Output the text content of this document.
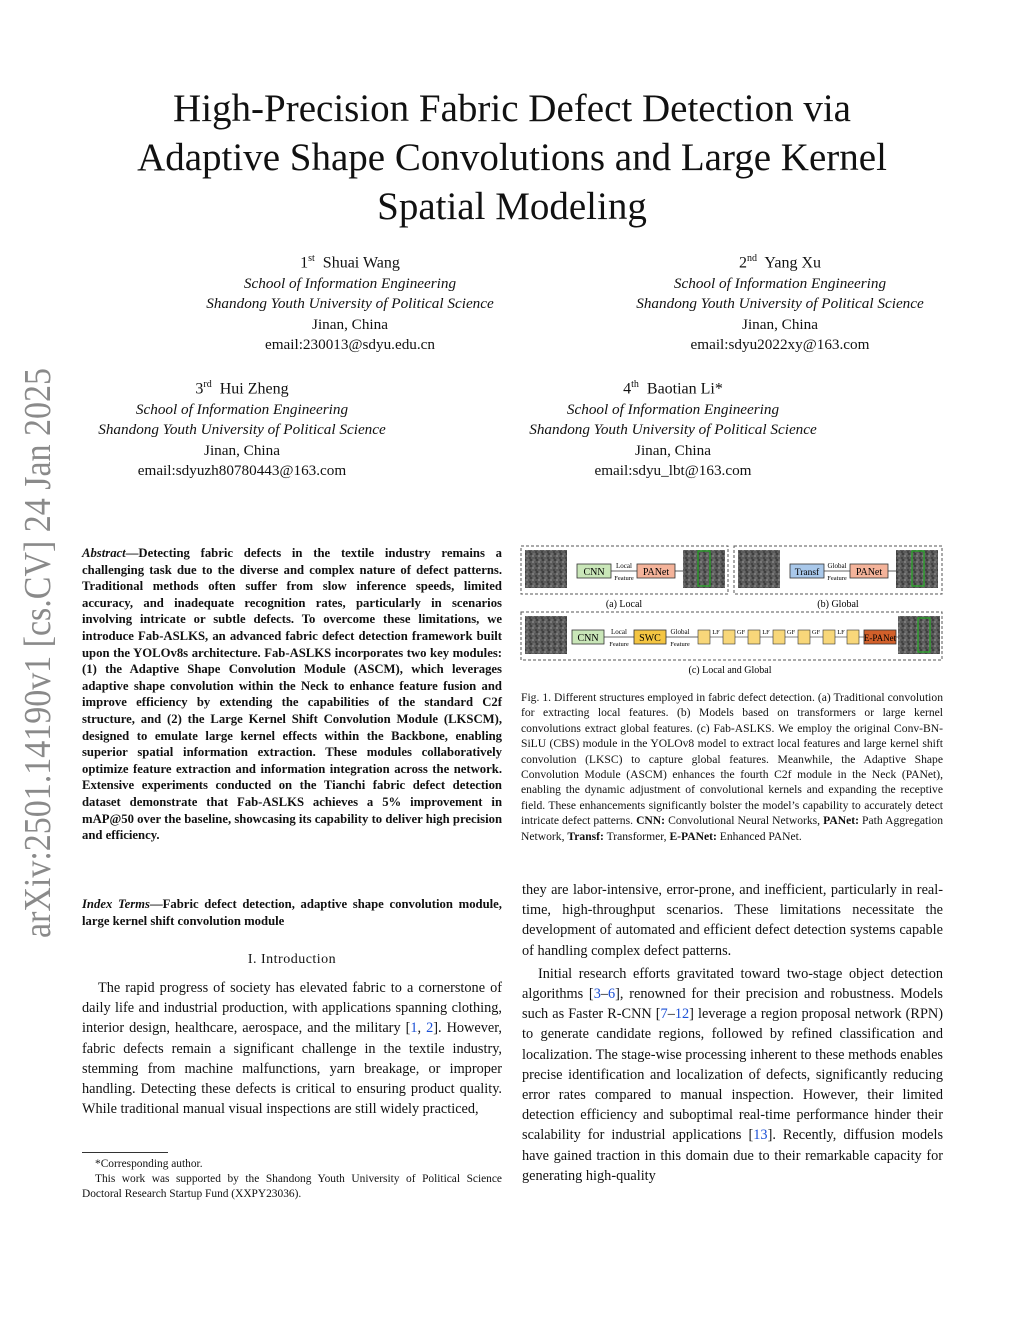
arXiv:2501.14190v1 [cs.CV] 24 Jan 2025
High-Precision Fabric Defect Detection via
Adaptive Shape Convolutions and Large Kernel
Spatial Modeling
1st Shuai Wang
School of Information Engineering
Shandong Youth University of Political Science
Jinan, China
email:230013@sdyu.edu.cn
2nd Yang Xu
School of Information Engineering
Shandong Youth University of Political Science
Jinan, China
email:sdyu2022xy@163.com
3rd Hui Zheng
School of Information Engineering
Shandong Youth University of Political Science
Jinan, China
email:sdyuzh80780443@163.com
4th Baotian Li*
School of Information Engineering
Shandong Youth University of Political Science
Jinan, China
email:sdyu_lbt@163.com
Abstract—Detecting fabric defects in the textile industry remains a challenging task due to the diverse and complex nature of defect patterns. Traditional methods often suffer from slow inference speeds, limited accuracy, and inadequate recognition rates, particularly in scenarios involving intricate or subtle defects. To overcome these limitations, we introduce Fab-ASLKS, an advanced fabric defect detection framework built upon the YOLOv8s architecture. Fab-ASLKS incorporates two key modules: (1) the Adaptive Shape Convolution Module (ASCM), which leverages adaptive shape convolution within the Neck to enhance feature fusion and improve efficiency by extending the capabilities of the standard C2f structure, and (2) the Large Kernel Shift Convolution Module (LKSCM), designed to emulate large kernel effects within the Backbone, enabling superior spatial information extraction. These modules collaboratively optimize feature extraction and information integration across the network. Extensive experiments conducted on the Tianchi fabric defect detection dataset demonstrate that Fab-ASLKS achieves a 5% improvement in mAP@50 over the baseline, showcasing its capability to deliver high precision and efficiency.
Index Terms—Fabric defect detection, adaptive shape convolution module, large kernel shift convolution module
I. Introduction

The rapid progress of society has elevated fabric to a cornerstone of daily life and industrial production, with applications spanning clothing, interior design, healthcare, aerospace, and the military [1, 2]. However, fabric defects remain a significant challenge in the textile industry, stemming from machine malfunctions, yarn breakage, or improper handling. Detecting these defects is critical to ensuring product quality. While traditional manual visual inspections are still widely practiced,

*Corresponding author.
This work was supported by the Shandong Youth University of Political Science Doctoral Research Startup Fund (XXPY23036).
CNN
Local
Feature
PANet
(a) Local
Transf
Global
Feature
PANet
(b) Global
CNN
Local
Feature
SWC
Global
Feature
LF	GF	LF	GF	GF	LF
E-PANet
(c) Local and Global
Fig. 1. Different structures employed in fabric defect detection. (a) Traditional convolution for extracting local features. (b) Models based on transformers or large kernel convolutions extract global features. (c) Fab-ASLKS. We employ the original Conv-BN-SiLU (CBS) module in the YOLOv8 model to extract local features and large kernel shift convolution (LKSC) to capture global features. Meanwhile, the Adaptive Shape Convolution Module (ASCM) enhances the fourth C2f module in the Neck (PANet), enabling the dynamic adjustment of convolutional kernels and expanding the receptive field. These enhancements significantly bolster the model’s capability to accurately detect intricate defect patterns. CNN: Convolutional Neural Networks, PANet: Path Aggregation Network, Transf: Transformer, E-PANet: Enhanced PANet.

they are labor-intensive, error-prone, and inefficient, particularly in real-time, high-throughput scenarios. These limitations necessitate the development of automated and efficient defect detection systems capable of handling complex defect patterns.

Initial research efforts gravitated toward two-stage object detection algorithms [3–6], renowned for their precision and robustness. Models such as Faster R-CNN [7–12] leverage a region proposal network (RPN) to generate candidate regions, followed by refined classification and localization. The stage-wise processing inherent to these methods enables precise identification and localization of defects, significantly reducing error rates compared to manual inspection. However, their limited detection efficiency and suboptimal real-time performance hinder their scalability for industrial applications [13]. Recently, diffusion models have gained traction in this domain due to their remarkable capacity for generating high-quality
